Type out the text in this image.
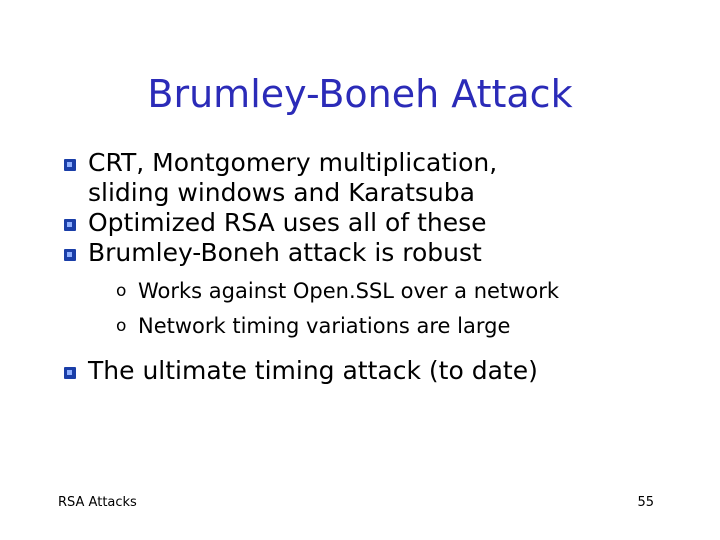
Brumley-Boneh Attack
CRT, Montgomery multiplication,
sliding windows and Karatsuba
Optimized RSA uses all of these
Brumley-Boneh attack is robust
o Works against Open.SSL over a network
o Network timing variations are large
The ultimate timing attack (to date)
RSA Attacks	55
